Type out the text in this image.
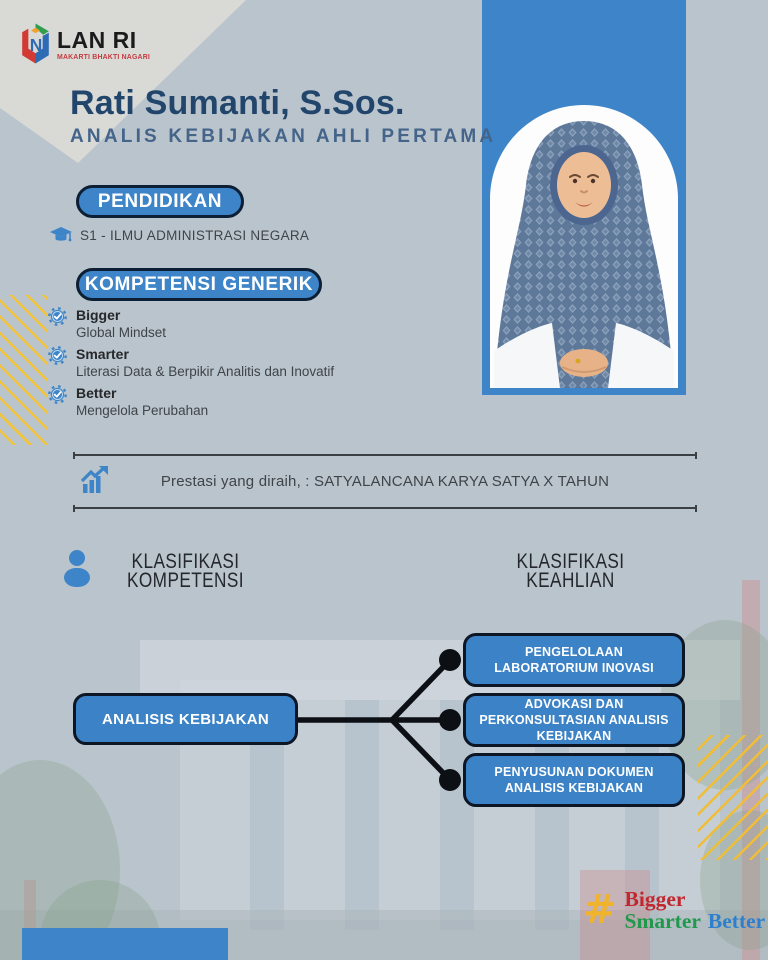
N LAN RI
MAKARTI BHAKTI NAGARI
Rati Sumanti, S.Sos.
ANALIS KEBIJAKAN AHLI PERTAMA
PENDIDIKAN
S1 - ILMU ADMINISTRASI NEGARA
KOMPETENSI GENERIK
Bigger
Global Mindset
Smarter
Literasi Data & Berpikir Analitis dan Inovatif
Better
Mengelola Perubahan
Prestasi yang diraih, : SATYALANCANA KARYA SATYA X TAHUN
KLASIFIKASI
KOMPETENSI
KLASIFIKASI
KEAHLIAN
ANALISIS KEBIJAKAN
PENGELOLAAN LABORATORIUM INOVASI
ADVOKASI DAN PERKONSULTASIAN ANALISIS KEBIJAKAN
PENYUSUNAN DOKUMEN ANALISIS KEBIJAKAN
# Bigger
Smarter Better
